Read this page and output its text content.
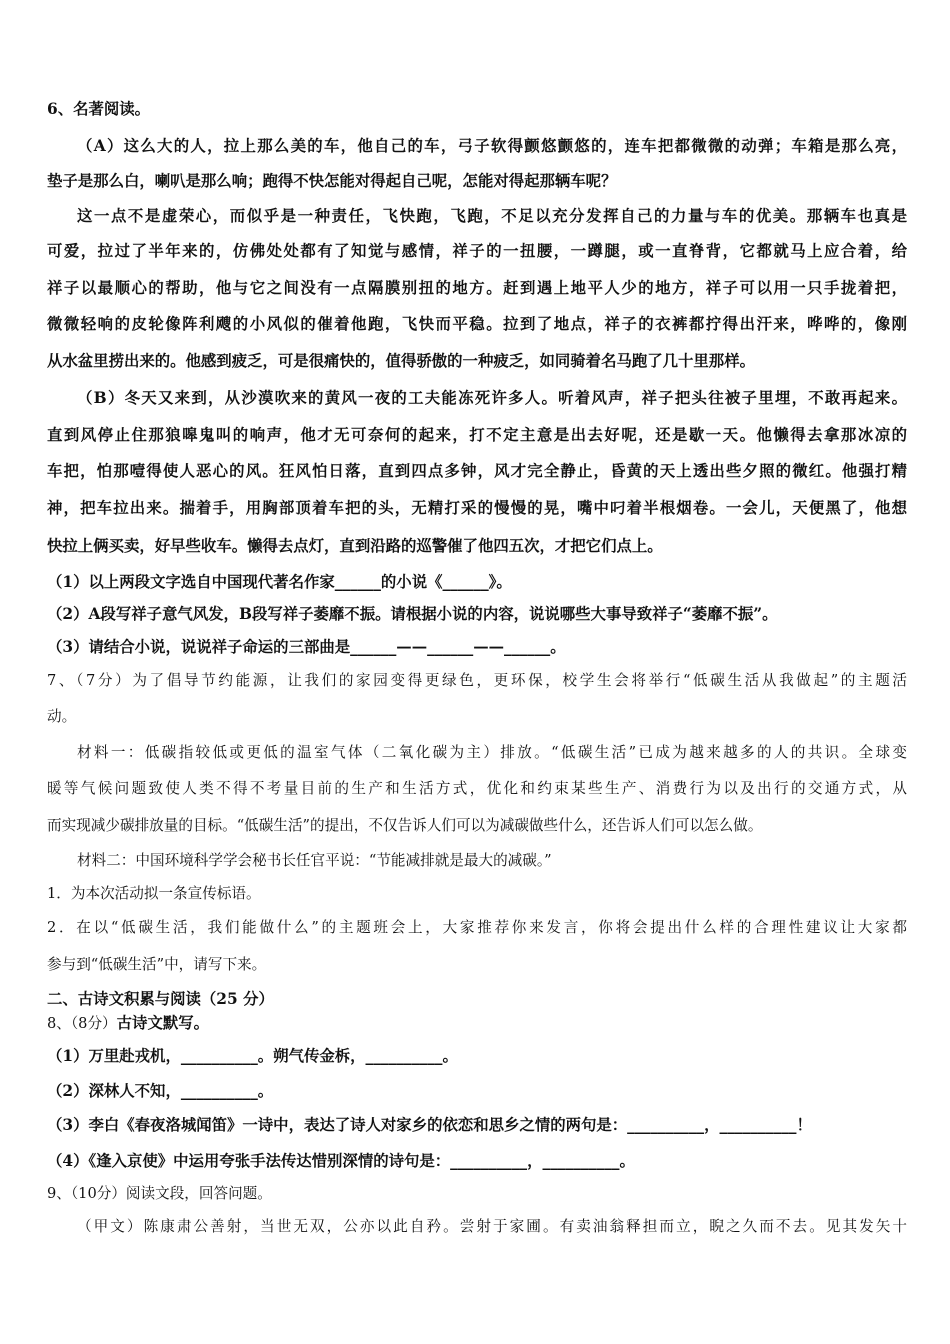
6、名著阅读。

（A）这么大的人，拉上那么美的车，他自己的车，弓子软得颤悠颤悠的，连车把都微微的动弹；车箱是那么亮，

垫子是那么白，喇叭是那么响；跑得不快怎能对得起自己呢，怎能对得起那辆车呢？

这一点不是虚荣心，而似乎是一种责任，飞快跑，飞跑，不足以充分发挥自己的力量与车的优美。那辆车也真是

可爱，拉过了半年来的，仿佛处处都有了知觉与感情，祥子的一扭腰，一蹲腿，或一直脊背，它都就马上应合着，给

祥子以最顺心的帮助，他与它之间没有一点隔膜别扭的地方。赶到遇上地平人少的地方，祥子可以用一只手拢着把，

微微轻响的皮轮像阵利飕的小风似的催着他跑，飞快而平稳。拉到了地点，祥子的衣裤都拧得出汗来，哗哗的，像刚

从水盆里捞出来的。他感到疲乏，可是很痛快的，值得骄傲的一种疲乏，如同骑着名马跑了几十里那样。

（B）冬天又来到，从沙漠吹来的黄风一夜的工夫能冻死许多人。听着风声，祥子把头往被子里埋，不敢再起来。

直到风停止住那狼嗥鬼叫的响声，他才无可奈何的起来，打不定主意是出去好呢，还是歇一天。他懒得去拿那冰凉的

车把，怕那噎得使人恶心的风。狂风怕日落，直到四点多钟，风才完全静止，昏黄的天上透出些夕照的微红。他强打精

神，把车拉出来。揣着手，用胸部顶着车把的头，无精打采的慢慢的晃，嘴中叼着半根烟卷。一会儿，天便黑了，他想

快拉上俩买卖，好早些收车。懒得去点灯，直到沿路的巡警催了他四五次，才把它们点上。

（1）以上两段文字选自中国现代著名作家______的小说《______》。

（2）A段写祥子意气风发，B段写祥子萎靡不振。请根据小说的内容，说说哪些大事导致祥子“萎靡不振”。

（3）请结合小说，说说祥子命运的三部曲是______——______——______。

7、（7分）为了倡导节约能源，让我们的家园变得更绿色，更环保，校学生会将举行“低碳生活从我做起”的主题活

动。

材料一：低碳指较低或更低的温室气体（二氧化碳为主）排放。“低碳生活”已成为越来越多的人的共识。全球变

暖等气候问题致使人类不得不考量目前的生产和生活方式，优化和约束某些生产、消费行为以及出行的交通方式，从

而实现减少碳排放量的目标。“低碳生活”的提出，不仅告诉人们可以为减碳做些什么，还告诉人们可以怎么做。

材料二：中国环境科学学会秘书长任官平说：“节能减排就是最大的减碳。”

1．为本次活动拟一条宣传标语。

2．在以“低碳生活，我们能做什么”的主题班会上，大家推荐你来发言，你将会提出什么样的合理性建议让大家都

参与到“低碳生活”中，请写下来。

二、古诗文积累与阅读（25 分）

8、（8分）古诗文默写。

（1）万里赴戎机，__________。朔气传金柝，__________。

（2）深林人不知，__________。

（3）李白《春夜洛城闻笛》一诗中，表达了诗人对家乡的依恋和思乡之情的两句是：__________，__________！

（4）《逢入京使》中运用夸张手法传达惜别深情的诗句是：__________，__________。

9、（10分）阅读文段，回答问题。

（甲文）陈康肃公善射，当世无双，公亦以此自矜。尝射于家圃。有卖油翁释担而立，睨之久而不去。见其发矢十
